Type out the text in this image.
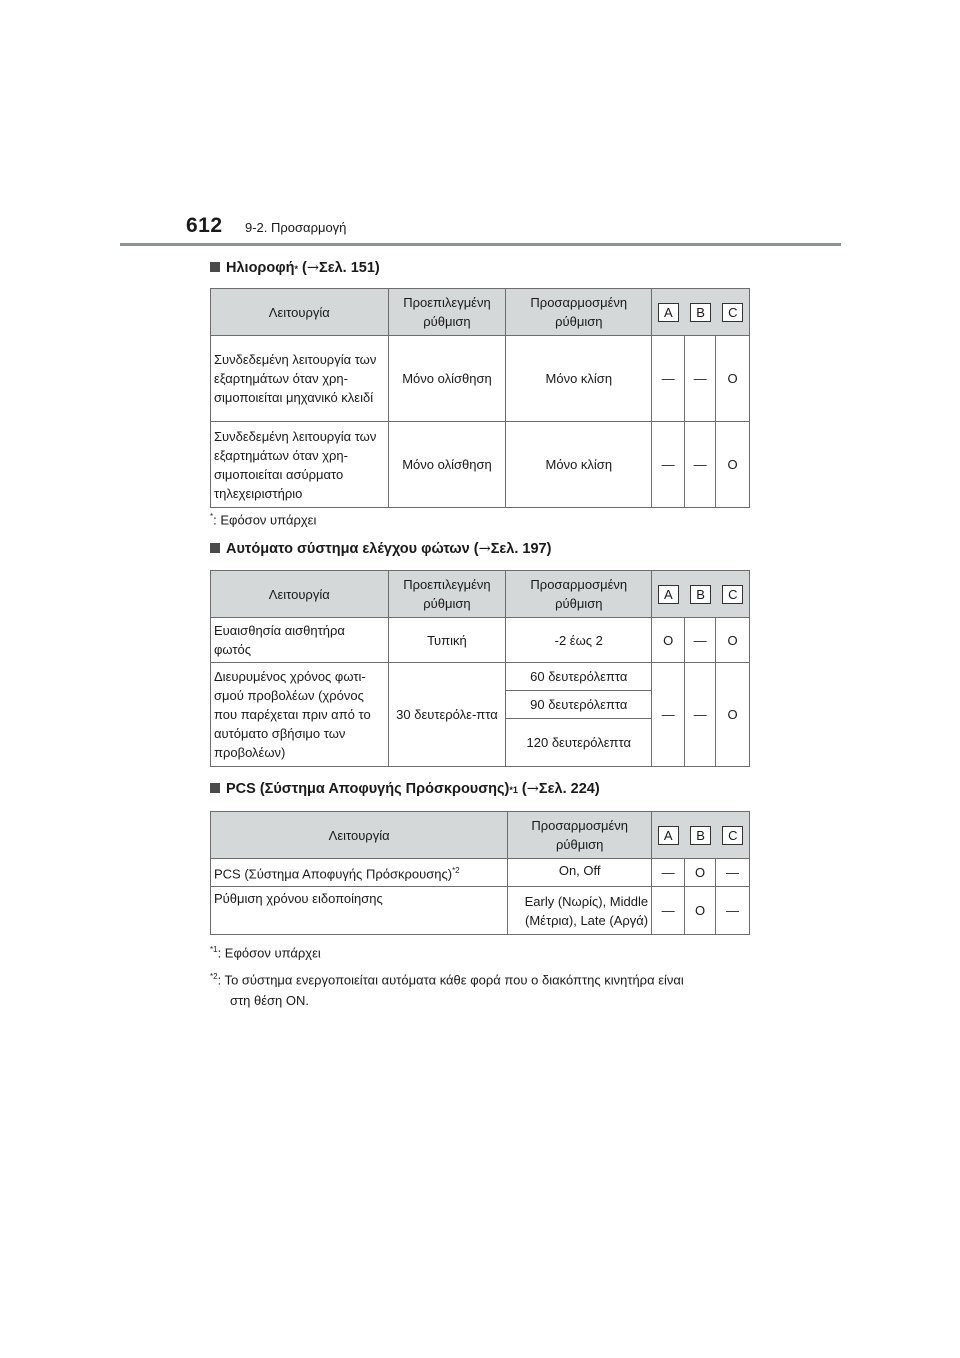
612 9-2. Προσαρμογή
Ηλιοροφή * ( → Σελ. 151 )
Λειτουργία	Προεπιλεγμένη ρύθμιση	Προσαρμοσμένη ρύθμιση	A B C		

Συνδεδεμένη λειτουργία των εξαρτημάτων όταν χρη-σιμοποιείται μηχανικό κλειδί	Μόνο ολίσθηση	Μόνο κλίση	—	—	O
Συνδεδεμένη λειτουργία των εξαρτημάτων όταν χρη-σιμοποιείται ασύρματο τηλεχειριστήριο	Μόνο ολίσθηση	Μόνο κλίση	—	—	O
*: Εφόσον υπάρχει
Αυτόματο σύστημα ελέγχου φώτων ( → Σελ. 197 )
Λειτουργία	Προεπιλεγμένη ρύθμιση	Προσαρμοσμένη ρύθμιση	A B C		

Ευαισθησία αισθητήρα φωτός	Τυπική	-2 έως 2	O	—	O
Διευρυμένος χρόνος φωτι-σμού προβολέων (χρόνος που παρέχεται πριν από το αυτόματο σβήσιμο των προβολέων)	30 δευτερόλε-πτα	60 δευτερόλεπτα	—	—	O
		90 δευτερόλεπτα			
		120 δευτερόλεπτα			
PCS (Σύστημα Αποφυγής Πρόσκρουσης) *1 ( → Σελ. 224 )
Λειτουργία	Προσαρμοσμένη ρύθμιση	A B C		

PCS (Σύστημα Αποφυγής Πρόσκρουσης)$^{*2}$	On, Off	—	O	—
Ρύθμιση χρόνου ειδοποίησης	Early (Νωρίς), Middle (Μέτρια), Late (Αργά)	—	O	—
$^{*1}$: Εφόσον υπάρχει
$^{*2}$: Το σύστημα ενεργοποιείται αυτόματα κάθε φορά που ο διακόπτης κινητήρα είναι
στη θέση ON.
